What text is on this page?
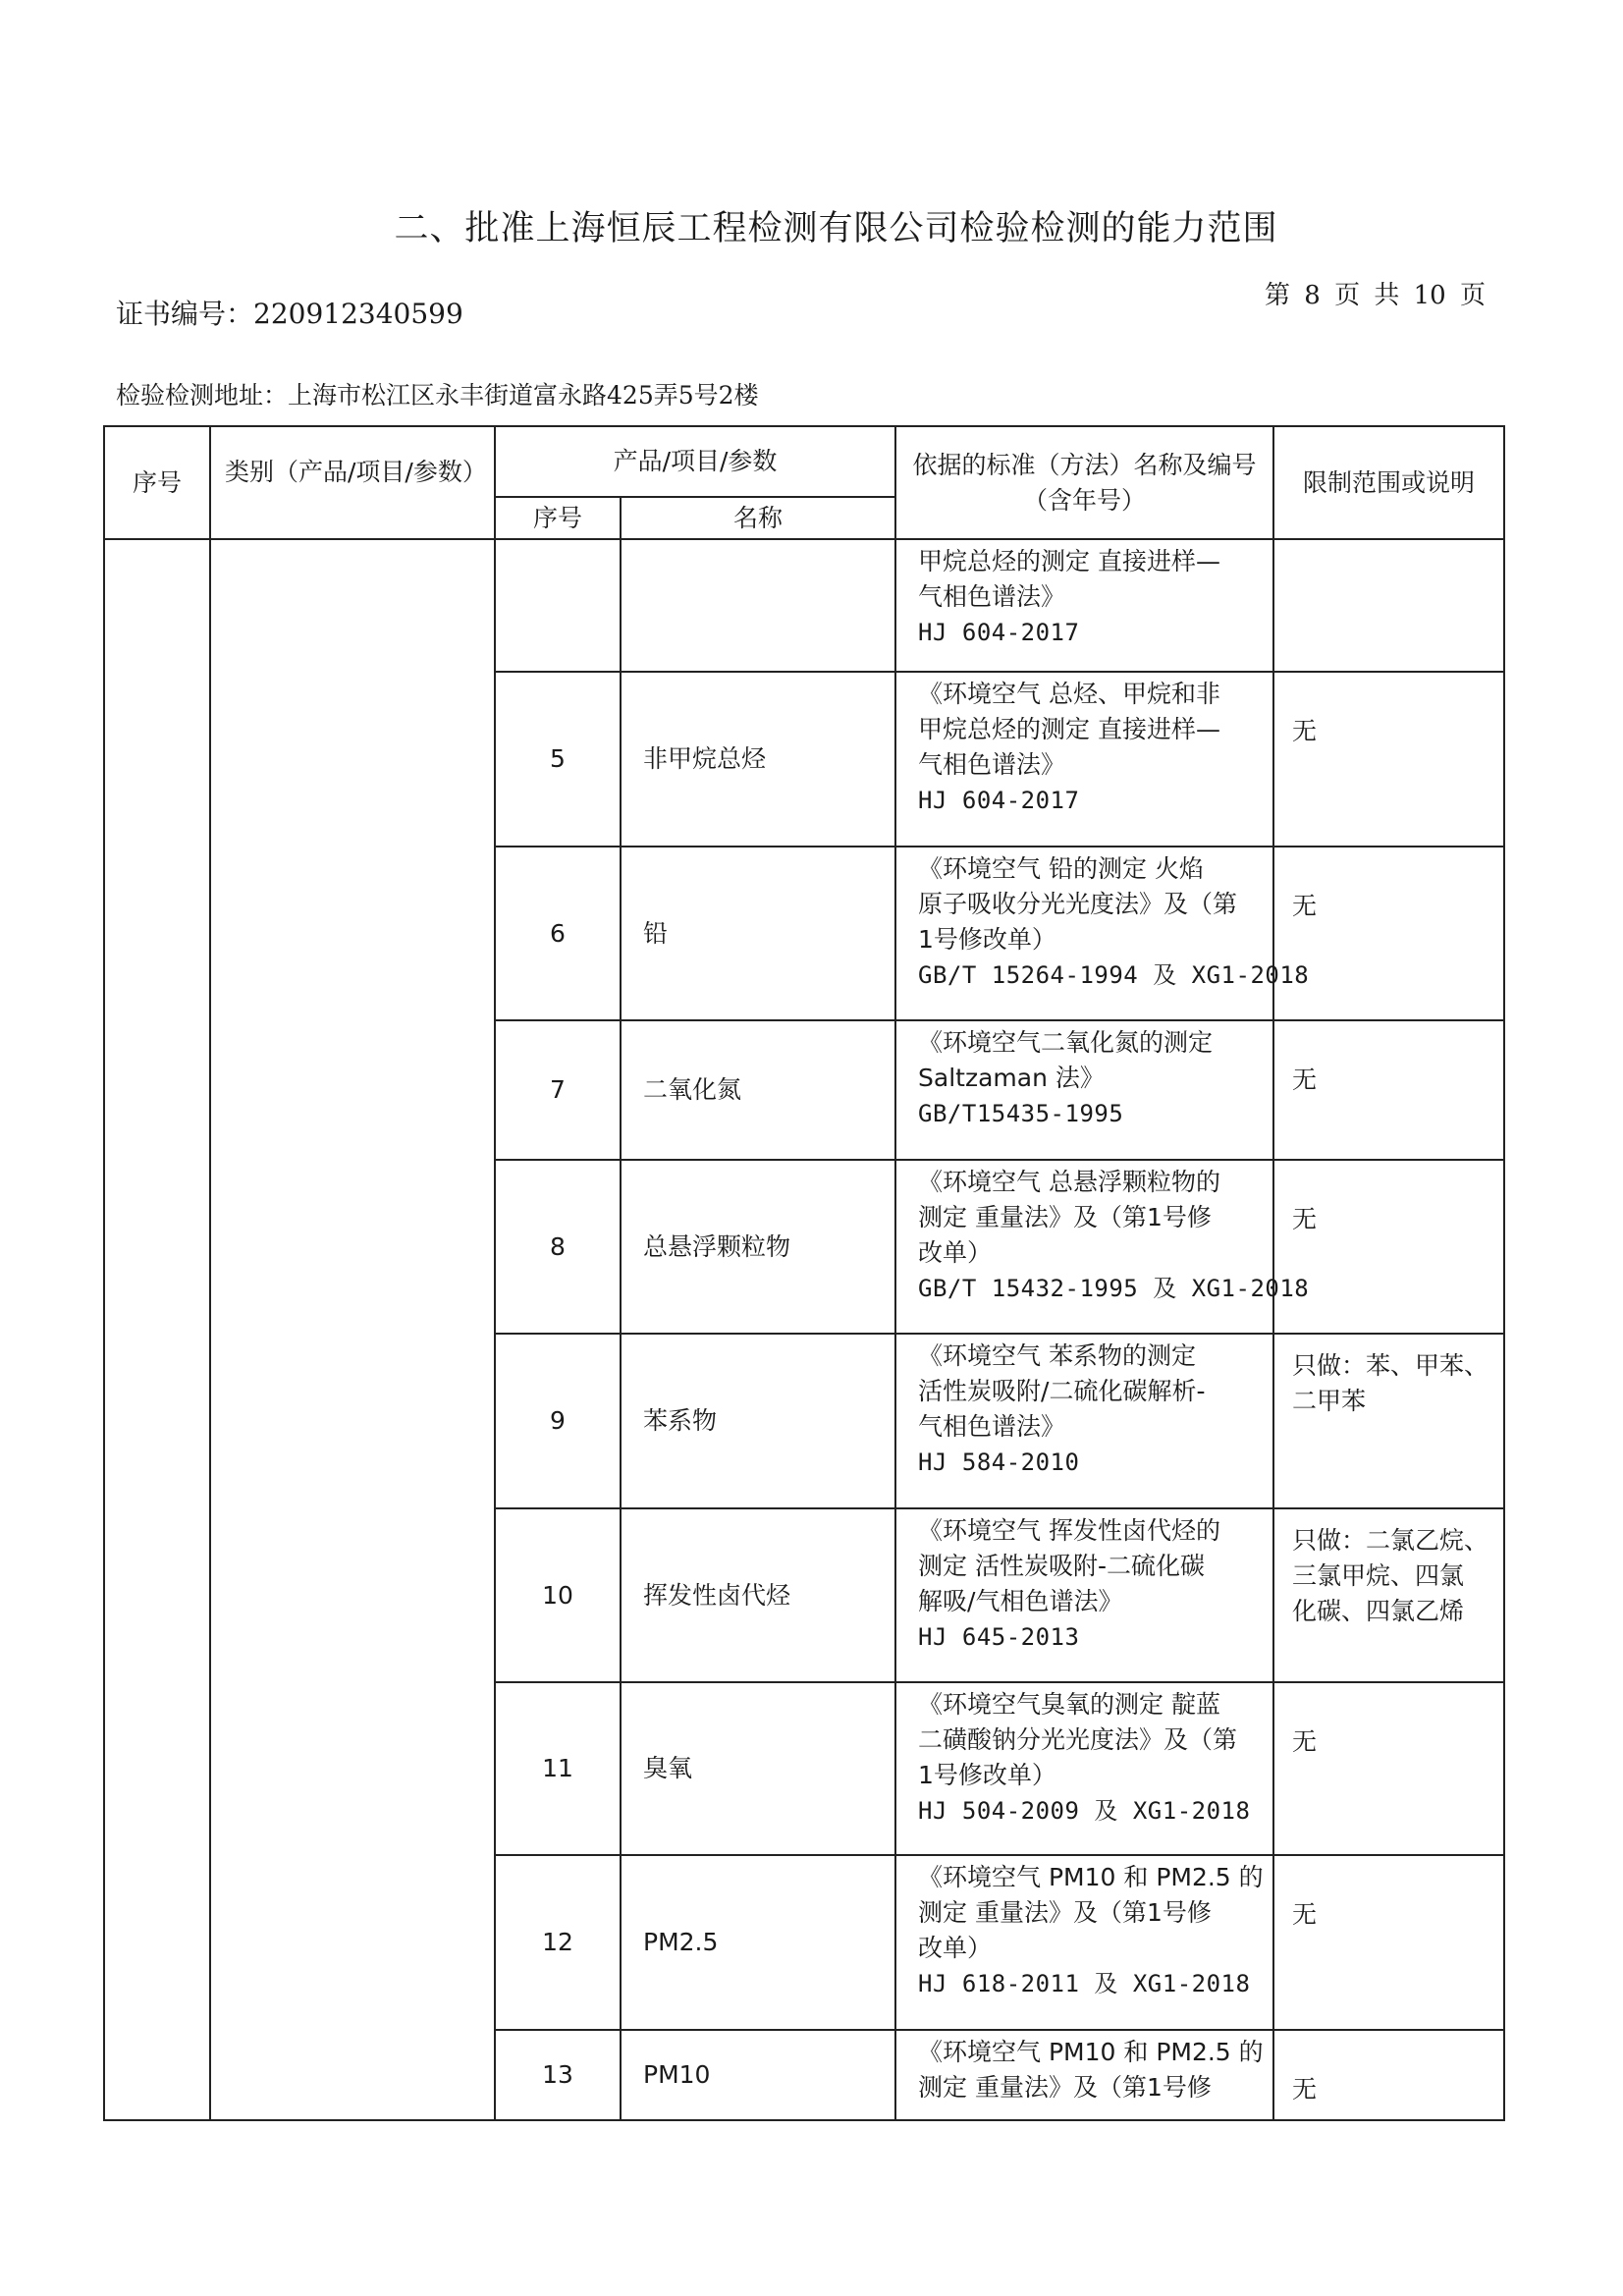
二、批准上海恒辰工程检测有限公司检验检测的能力范围
证书编号：220912340599
第 8 页 共 10 页
检验检测地址：上海市松江区永丰街道富永路425弄5号2楼
序号	类别（产品/项目/参数）	产品/项目/参数		依据的标准（方法）名称及编号（含年号）	限制范围或说明
		序号	名称		

				甲烷总烃的测定 直接进样—
气相色谱法》
HJ 604-2017	

		5	非甲烷总烃	《环境空气 总烃、甲烷和非
甲烷总烃的测定 直接进样—
气相色谱法》
HJ 604-2017	无

		6	铅	《环境空气 铅的测定 火焰
原子吸收分光光度法》及（第
1号修改单）
GB/T 15264-1994 及 XG1-2018	无

		7	二氧化氮	《环境空气二氧化氮的测定
Saltzaman 法》
GB/T15435-1995	无

		8	总悬浮颗粒物	《环境空气 总悬浮颗粒物的
测定 重量法》及（第1号修
改单）
GB/T 15432-1995 及 XG1-2018	无

		9	苯系物	《环境空气 苯系物的测定
活性炭吸附/二硫化碳解析-
气相色谱法》
HJ 584-2010	只做：苯、甲苯、
二甲苯

		10	挥发性卤代烃	《环境空气 挥发性卤代烃的
测定 活性炭吸附-二硫化碳
解吸/气相色谱法》
HJ 645-2013	只做：二氯乙烷、
三氯甲烷、四氯
化碳、四氯乙烯

		11	臭氧	《环境空气臭氧的测定 靛蓝
二磺酸钠分光光度法》及（第
1号修改单）
HJ 504-2009 及 XG1-2018	无

		12	PM2.5	《环境空气 PM10 和 PM2.5 的
测定 重量法》及（第1号修
改单）
HJ 618-2011 及 XG1-2018	无

		13	PM10	《环境空气 PM10 和 PM2.5 的
测定 重量法》及（第1号修	无
